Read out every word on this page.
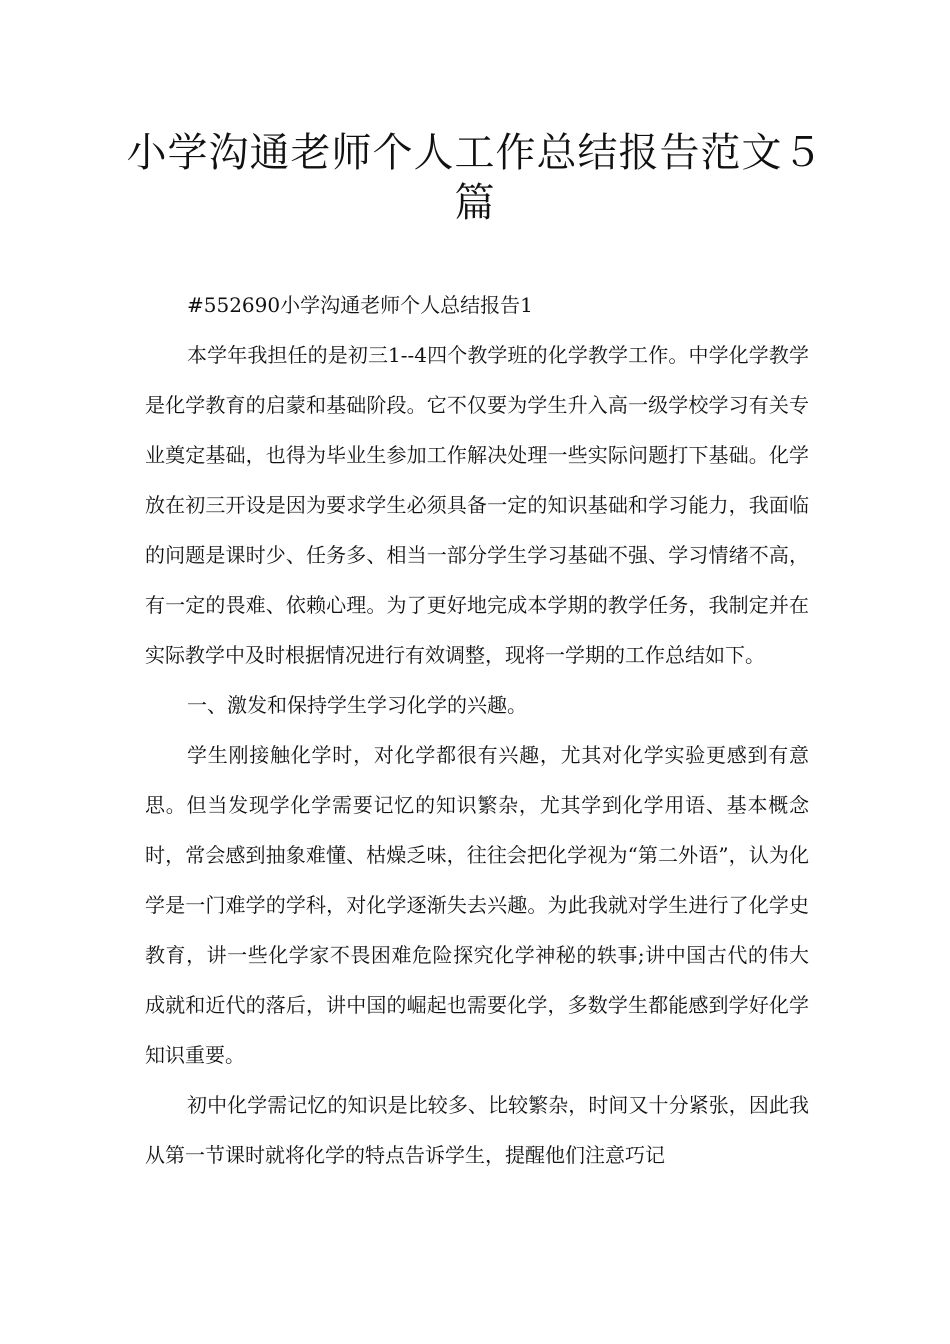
小学沟通老师个人工作总结报告范文５篇

#552690小学沟通老师个人总结报告1

本学年我担任的是初三1--4四个教学班的化学教学工作。中学化学教学是化学教育的启蒙和基础阶段。它不仅要为学生升入高一级学校学习有关专业奠定基础，也得为毕业生参加工作解决处理一些实际问题打下基础。化学放在初三开设是因为要求学生必须具备一定的知识基础和学习能力，我面临的问题是课时少、任务多、相当一部分学生学习基础不强、学习情绪不高，有一定的畏难、依赖心理。为了更好地完成本学期的教学任务，我制定并在实际教学中及时根据情况进行有效调整，现将一学期的工作总结如下。

一、激发和保持学生学习化学的兴趣。

学生刚接触化学时，对化学都很有兴趣，尤其对化学实验更感到有意思。但当发现学化学需要记忆的知识繁杂，尤其学到化学用语、基本概念时，常会感到抽象难懂、枯燥乏味，往往会把化学视为“第二外语”，认为化学是一门难学的学科，对化学逐渐失去兴趣。为此我就对学生进行了化学史教育，讲一些化学家不畏困难危险探究化学神秘的轶事;讲中国古代的伟大成就和近代的落后，讲中国的崛起也需要化学，多数学生都能感到学好化学知识重要。

初中化学需记忆的知识是比较多、比较繁杂，时间又十分紧张，因此我从第一节课时就将化学的特点告诉学生，提醒他们注意巧记
